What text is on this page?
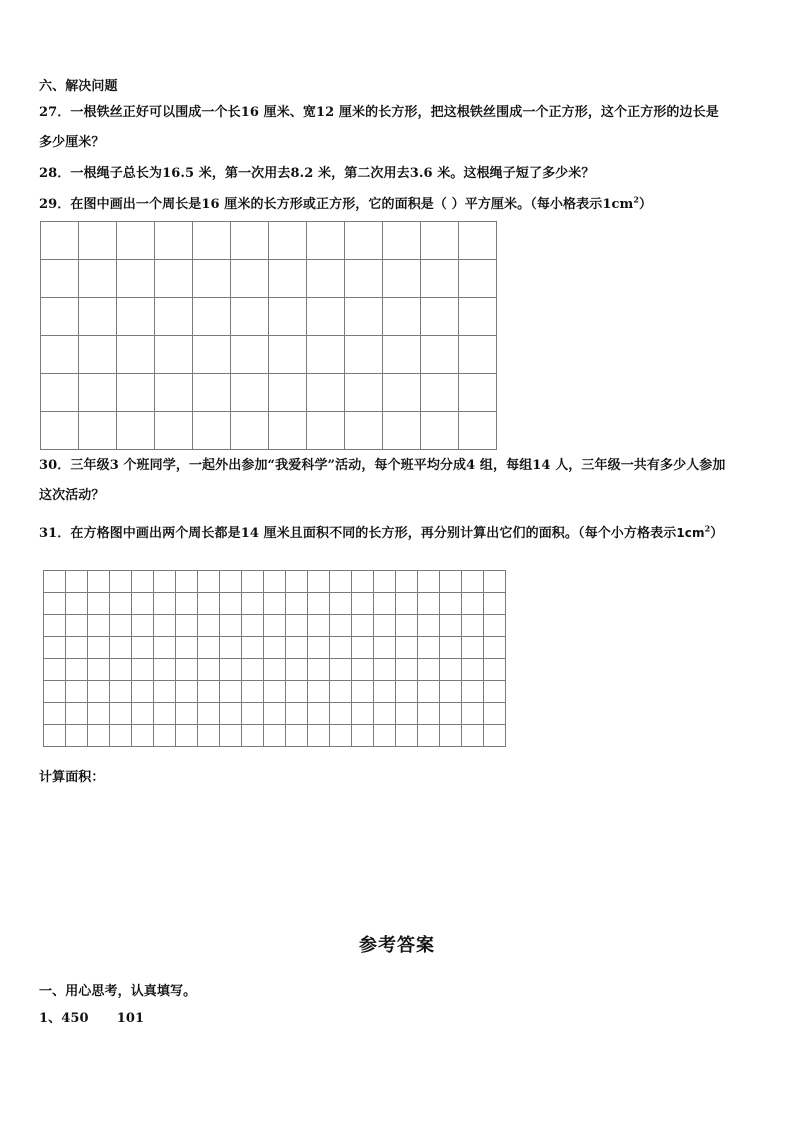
六、解决问题
27．一根铁丝正好可以围成一个长16 厘米、宽12 厘米的长方形，把这根铁丝围成一个正方形，这个正方形的边长是
多少厘米？
28．一根绳子总长为16.5 米，第一次用去8.2 米，第二次用去3.6 米。这根绳子短了多少米？
29．在图中画出一个周长是16 厘米的长方形或正方形，它的面积是（ ）平方厘米。（每小格表示$1cm^2$）

30．三年级3 个班同学，一起外出参加“我爱科学”活动，每个班平均分成4 组，每组14 人，三年级一共有多少人参加
这次活动？
31．在方格图中画出两个周长都是14 厘米且面积不同的长方形，再分别计算出它们的面积。（每个小方格表示$1cm^2$）

计算面积：
参考答案
一、用心思考，认真填写。
1、450 101
